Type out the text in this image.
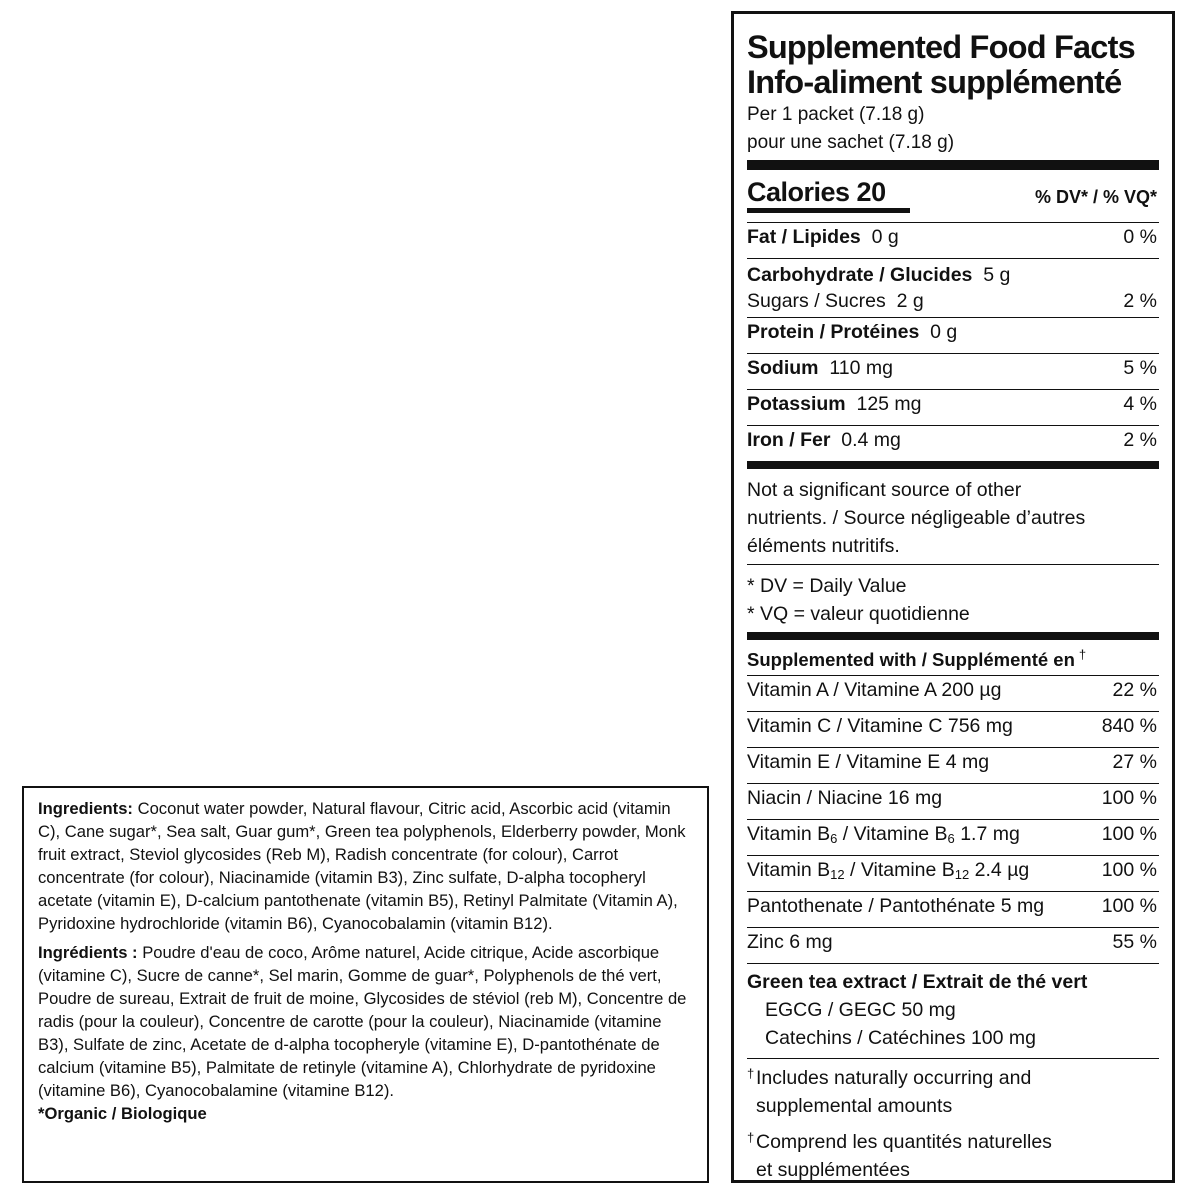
Supplemented Food Facts
Info-aliment supplémenté
Per 1 packet (7.18 g)
pour une sachet (7.18 g)
Calories 20	% DV* / % VQ*
Fat / Lipides 0 g	0 %
Carbohydrate / Glucides 5 g
Sugars / Sucres 2 g	2 %
Protein / Protéines 0 g
Sodium 110 mg	5 %
Potassium 125 mg	4 %
Iron / Fer 0.4 mg	2 %
Not a significant source of other
nutrients. / Source négligeable d’autres
éléments nutritifs.
* DV = Daily Value
* VQ = valeur quotidienne
Supplemented with / Supplémenté en †
Vitamin A / Vitamine A 200 µg	22 %
Vitamin C / Vitamine C 756 mg	840 %
Vitamin E / Vitamine E 4 mg	27 %
Niacin / Niacine 16 mg	100 %
Vitamin B6 / Vitamine B6 1.7 mg	100 %
Vitamin B12 / Vitamine B12 2.4 µg	100 %
Pantothenate / Pantothénate 5 mg	100 %
Zinc 6 mg	55 %
Green tea extract / Extrait de thé vert
EGCG / GEGC 50 mg
Catechins / Catéchines 100 mg
† Includes naturally occurring and
supplemental amounts
† Comprend les quantités naturelles
et supplémentées

Ingredients: Coconut water powder, Natural flavour, Citric acid, Ascorbic acid (vitamin C), Cane sugar*, Sea salt, Guar gum*, Green tea polyphenols, Elderberry powder, Monk fruit extract, Steviol glycosides (Reb M), Radish concentrate (for colour), Carrot concentrate (for colour), Niacinamide (vitamin B3), Zinc sulfate, D-alpha tocopheryl acetate (vitamin E), D-calcium pantothenate (vitamin B5), Retinyl Palmitate (Vitamin A), Pyridoxine hydrochloride (vitamin B6), Cyanocobalamin (vitamin B12).

Ingrédients : Poudre d'eau de coco, Arôme naturel, Acide citrique, Acide ascorbique (vitamine C), Sucre de canne*, Sel marin, Gomme de guar*, Polyphenols de thé vert, Poudre de sureau, Extrait de fruit de moine, Glycosides de stéviol (reb M), Concentre de radis (pour la couleur), Concentre de carotte (pour la couleur), Niacinamide (vitamine B3), Sulfate de zinc, Acetate de d-alpha tocopheryle (vitamine E), D-pantothénate de calcium (vitamine B5), Palmitate de retinyle (vitamine A), Chlorhydrate de pyridoxine (vitamine B6), Cyanocobalamine (vitamine B12).

*Organic / Biologique
